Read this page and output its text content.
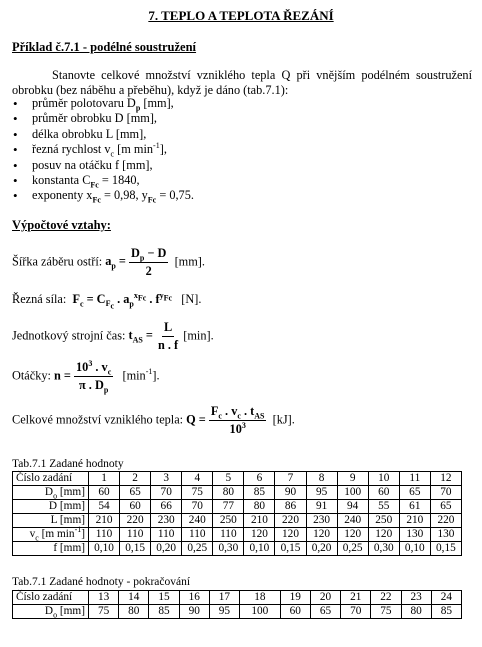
7. TEPLO A TEPLOTA ŘEZÁNÍ
Příklad č.7.1 - podélné soustružení
Stanovte celkové množství vzniklého tepla Q při vnějším podélném soustružení obrobku (bez náběhu a přeběhu), když je dáno (tab.7.1):
• průměr polotovaru $D_p$ [mm],
• průměr obrobku D [mm],
• délka obrobku L [mm],
• řezná rychlost $v_c$ [m $\min^{-1}$],
• posuv na otáčku f [mm],
• konstanta $C_{Fc} = 1840$,
• exponenty $x_{Fc} = 0,98$, $y_{Fc} = 0,75$.
Výpočtové vztahy:
Šířka záběru ostří: $a_p = \frac{D_p - D}{2} [mm]$.
Řezná síla:  $F_c = C_{F_c}$ . $a_p^{x_{Fc}}$ . $f^{y_{Fc}}$ [N].
Jednotkový strojní čas: $t_{AS} = \frac{L}{n . f} [\min]$.
Otáčky: $n = \frac{10^3 . v_c}{\pi . D_p} [\min^{-1}]$.
Celkové množství vzniklého tepla: $Q = \frac{F_c . v_c . t_{AS}}{10^3} [kJ]$.
Tab.7.1 Zadané hodnoty
Číslo zadání	1	2	3	4	5	6	7	8	9	10	11	12
$D_o$ [mm]	60	65	70	75	80	85	90	95	100	60	65	70
D [mm]	54	60	66	70	77	80	86	91	94	55	61	65
L [mm]	210	220	230	240	250	210	220	230	240	250	210	220
$v_c$ [m $\min^{-1}$]	110	110	110	110	110	120	120	120	120	120	130	130
f [mm]	0,10	0,15	0,20	0,25	0,30	0,10	0,15	0,20	0,25	0,30	0,10	0,15
Tab.7.1 Zadané hodnoty - pokračování
Číslo zadání	13	14	15	16	17	18	19	20	21	22	23	24
$D_o$ [mm]	75	80	85	90	95	100	60	65	70	75	80	85
